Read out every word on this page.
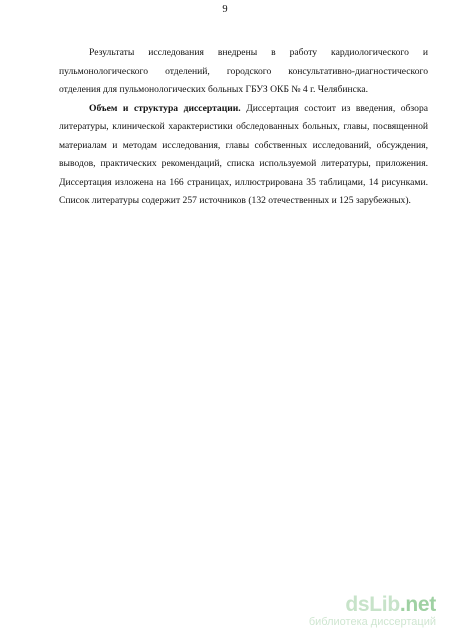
9

Результаты исследования внедрены в работу кардиологического и пульмонологического отделений, городского консультативно-диагностического отделения для пульмонологических больных ГБУЗ ОКБ № 4 г. Челябинска.

Объем и структура диссертации. Диссертация состоит из введения, обзора литературы, клинической характеристики обследованных больных, главы, посвященной материалам и методам исследования, главы собственных исследований, обсуждения, выводов, практических рекомендаций, списка используемой литературы, приложения. Диссертация изложена на 166 страницах, иллюстрирована 35 таблицами, 14 рисунками. Список литературы содержит 257 источников (132 отечественных и 125 зарубежных).

dsLib.net
библиотека диссертаций
